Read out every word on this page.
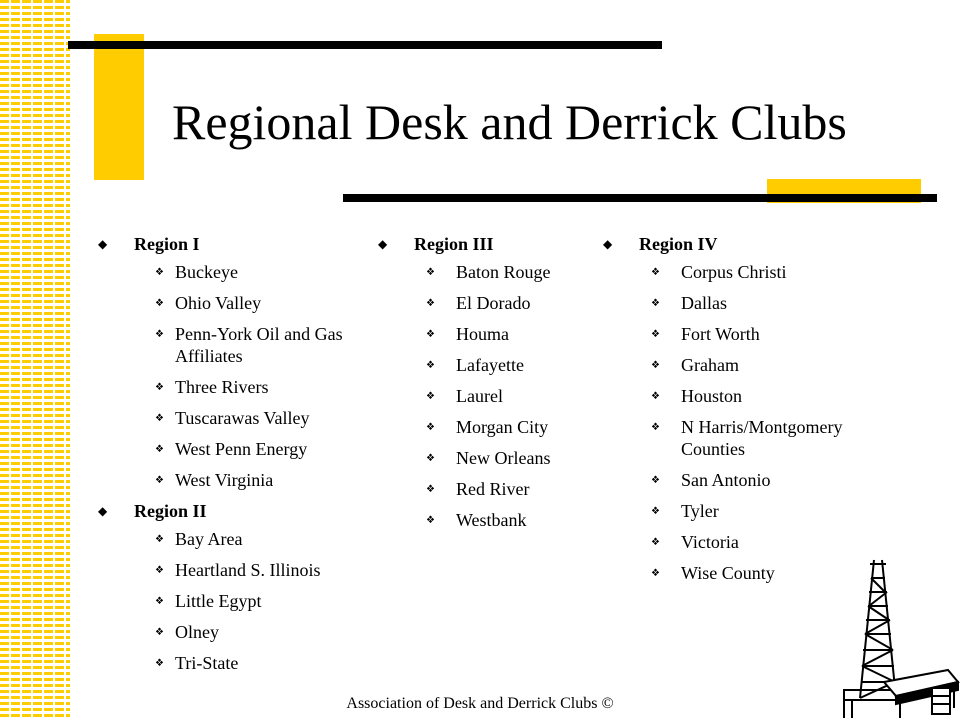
Regional Desk and Derrick Clubs
◆ Region I
❖ Buckeye
❖ Ohio Valley
❖ Penn-York Oil and Gas Affiliates
❖ Three Rivers
❖ Tuscarawas Valley
❖ West Penn Energy
❖ West Virginia
◆ Region II
❖ Bay Area
❖ Heartland S. Illinois
❖ Little Egypt
❖ Olney
❖ Tri-State
◆ Region III
❖ Baton Rouge
❖ El Dorado
❖ Houma
❖ Lafayette
❖ Laurel
❖ Morgan City
❖ New Orleans
❖ Red River
❖ Westbank
◆ Region IV
❖ Corpus Christi
❖ Dallas
❖ Fort Worth
❖ Graham
❖ Houston
❖ N Harris/Montgomery Counties
❖ San Antonio
❖ Tyler
❖ Victoria
❖ Wise County
Association of Desk and Derrick Clubs ©
